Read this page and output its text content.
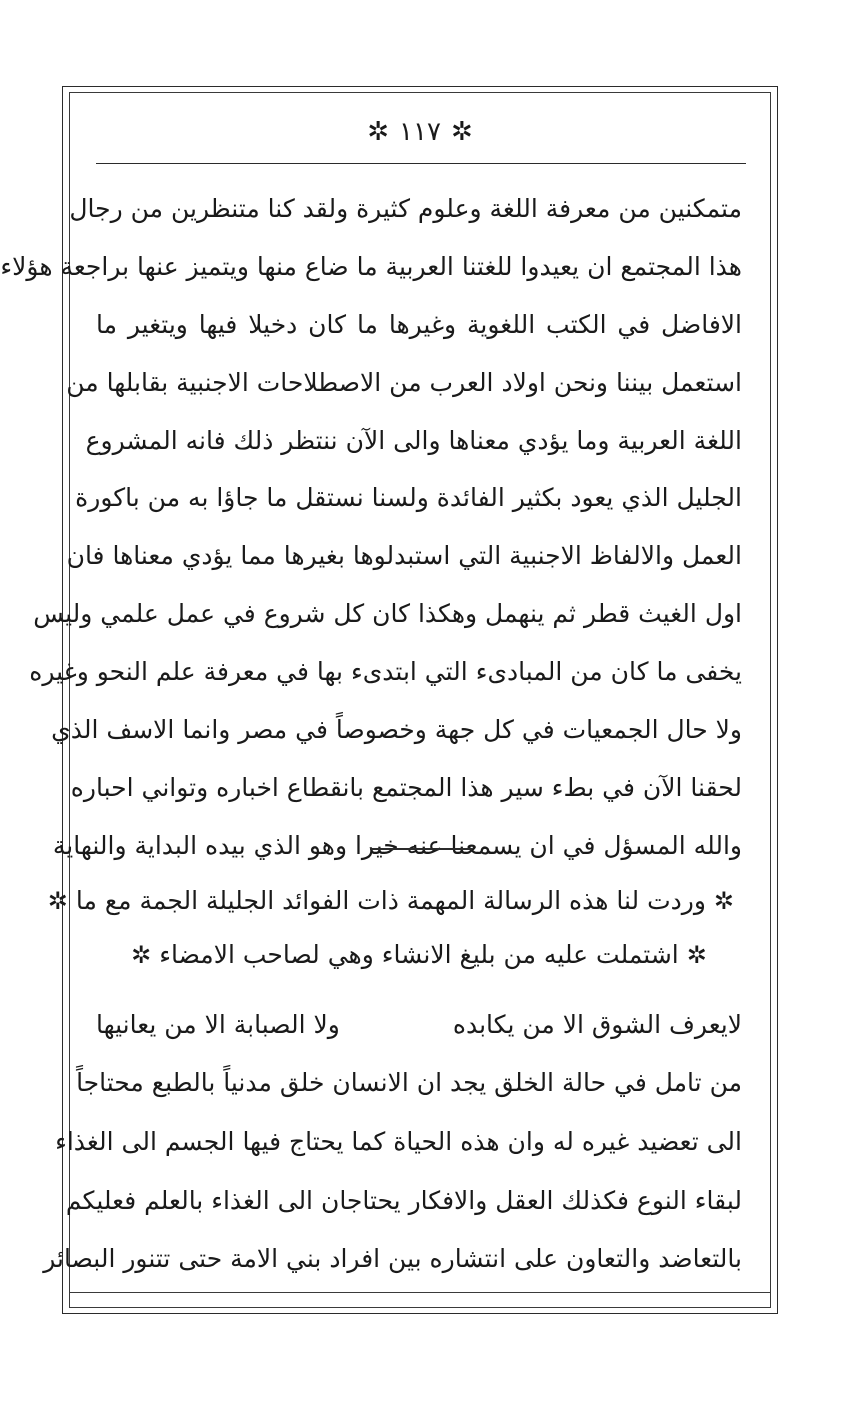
✲
١١٧
✲
متمكنين من معرفة اللغة وعلوم كثيرة ولقد كنا متنظرين من رجال
هذا المجتمع ان يعيدوا للغتنا العربية ما ضاع منها ويتميز عنها براجعة هؤلاء
الافاضل في الكتب اللغوية وغيرها ما كان دخيلا فيها ويتغير ما
استعمل بيننا ونحن اولاد العرب من الاصطلاحات الاجنبية بقابلها من
اللغة العربية وما يؤدي معناها والى الآن ننتظر ذلك فانه المشروع
الجليل الذي يعود بكثير الفائدة ولسنا نستقل ما جاؤا به من باكورة
العمل والالفاظ الاجنبية التي استبدلوها بغيرها مما يؤدي معناها فان
اول الغيث قطر ثم ينهمل وهكذا كان كل شروع في عمل علمي وليس
يخفى ما كان من المبادىء التي ابتدىء بها في معرفة علم النحو وغيره
ولا حال الجمعيات في كل جهة وخصوصاً في مصر وانما الاسف الذي
لحقنا الآن في بطء سير هذا المجتمع بانقطاع اخباره وتواني احباره
والله المسؤل في ان يسمعنا عنه خيرا وهو الذي بيده البداية والنهاية
✲وردت لنا هذه الرسالة المهمة ذات الفوائد الجليلة الجمة مع ما✲
✲اشتملت عليه من بليغ الانشاء وهي لصاحب الامضاء✲
لايعرف الشوق الا من يكابده
ولا الصبابة الا من يعانيها
من تامل في حالة الخلق يجد ان الانسان خلق مدنياً بالطبع محتاجاً
الى تعضيد غيره له وان هذه الحياة كما يحتاج فيها الجسم الى الغذاء
لبقاء النوع فكذلك العقل والافكار يحتاجان الى الغذاء بالعلم فعليكم
بالتعاضد والتعاون على انتشاره بين افراد بني الامة حتى تتنور البصائر
